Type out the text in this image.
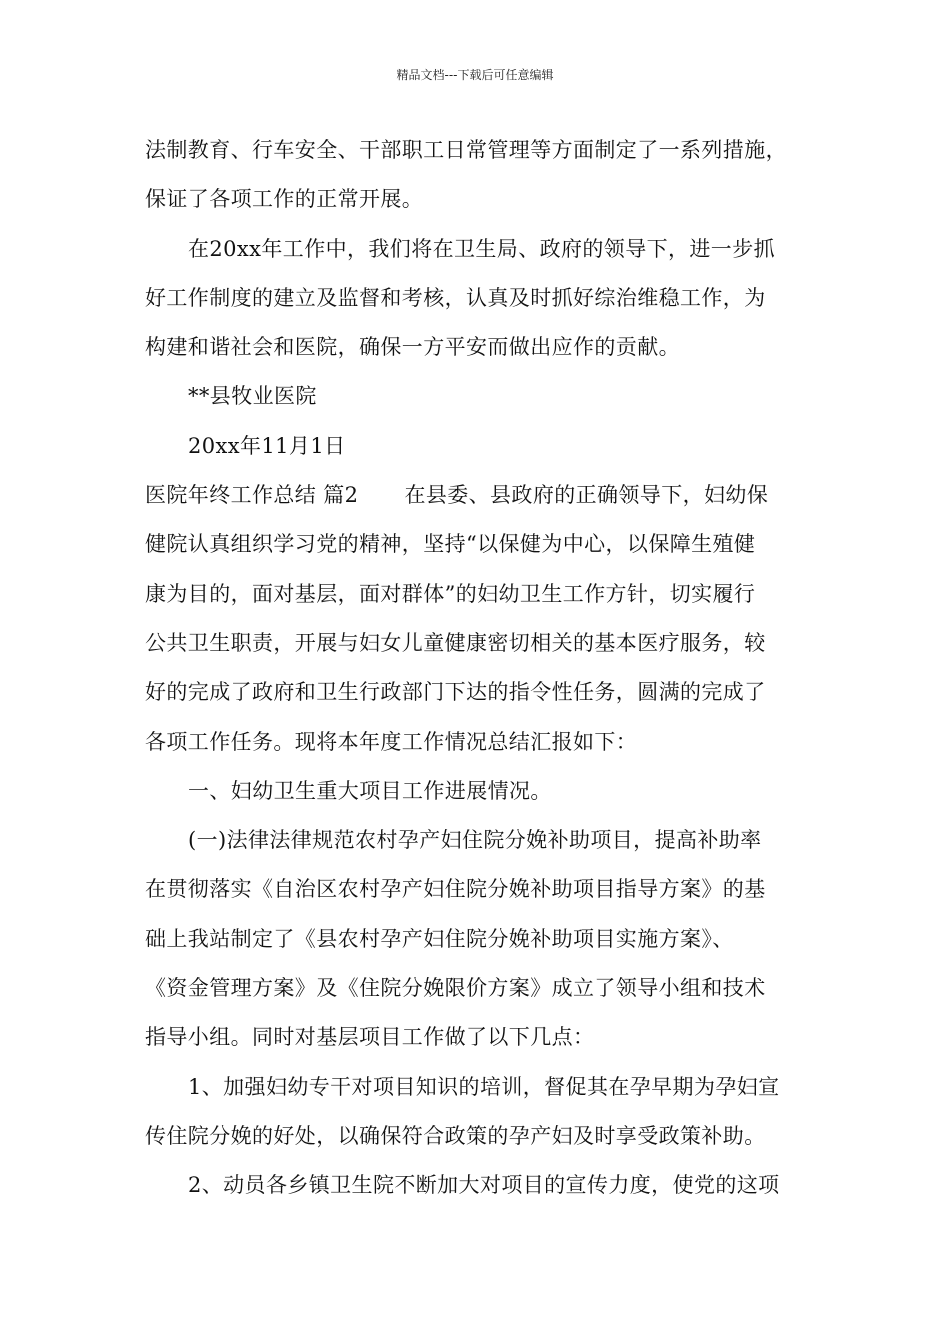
精品文档---下载后可任意编辑

法制教育、行车安全、干部职工日常管理等方面制定了一系列措施，

保证了各项工作的正常开展。

在20xx年工作中，我们将在卫生局、政府的领导下，进一步抓

好工作制度的建立及监督和考核，认真及时抓好综治维稳工作，为

构建和谐社会和医院，确保一方平安而做出应作的贡献。

**县牧业医院

20xx年11月1日

医院年终工作总结 篇2 在县委、县政府的正确领导下，妇幼保

健院认真组织学习党的精神，坚持“以保健为中心，以保障生殖健

康为目的，面对基层，面对群体”的妇幼卫生工作方针，切实履行

公共卫生职责，开展与妇女儿童健康密切相关的基本医疗服务，较

好的完成了政府和卫生行政部门下达的指令性任务，圆满的完成了

各项工作任务。现将本年度工作情况总结汇报如下：

一、妇幼卫生重大项目工作进展情况。

(一)法律法律规范农村孕产妇住院分娩补助项目，提高补助率

在贯彻落实《自治区农村孕产妇住院分娩补助项目指导方案》的基

础上我站制定了《县农村孕产妇住院分娩补助项目实施方案》、

《资金管理方案》及《住院分娩限价方案》成立了领导小组和技术

指导小组。同时对基层项目工作做了以下几点：

1、加强妇幼专干对项目知识的培训，督促其在孕早期为孕妇宣

传住院分娩的好处，以确保符合政策的孕产妇及时享受政策补助。

2、动员各乡镇卫生院不断加大对项目的宣传力度，使党的这项
